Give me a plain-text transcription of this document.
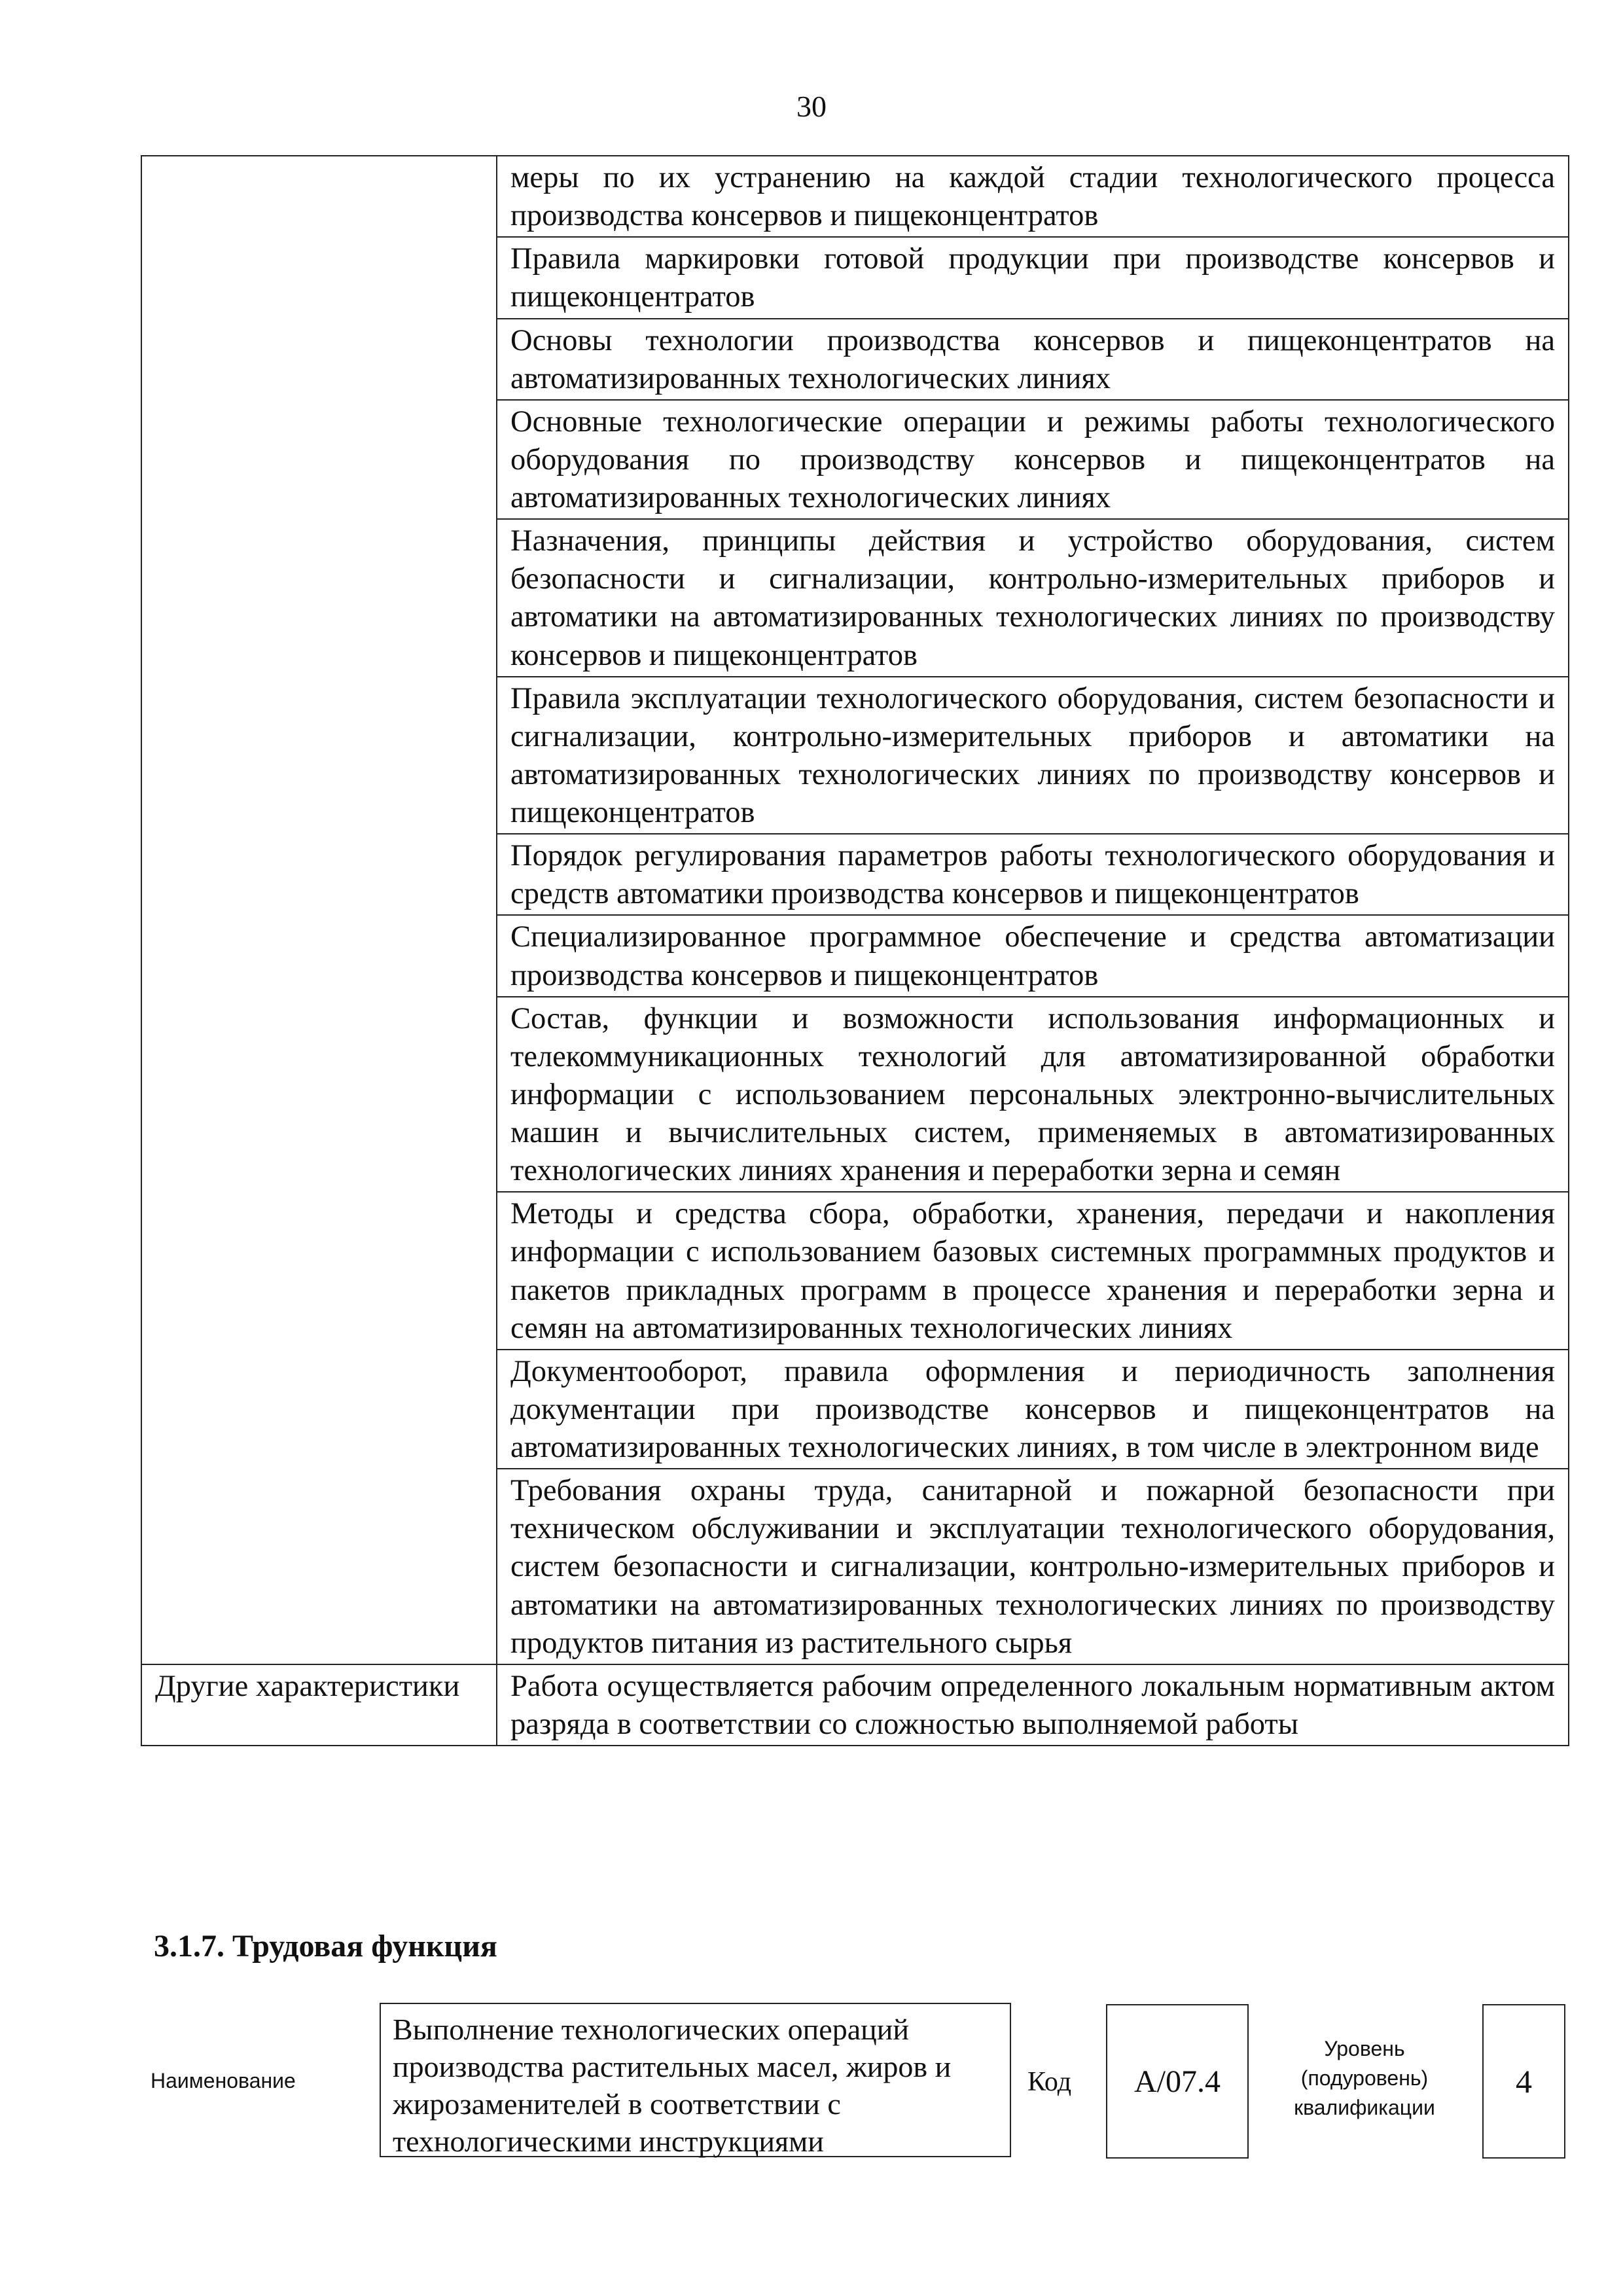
30
	меры по их устранению на каждой стадии технологического процесса производства консервов и пищеконцентратов
	Правила маркировки готовой продукции при производстве консервов и пищеконцентратов
	Основы технологии производства консервов и пищеконцентратов на автоматизированных технологических линиях
	Основные технологические операции и режимы работы технологического оборудования по производству консервов и пищеконцентратов на автоматизированных технологических линиях
	Назначения, принципы действия и устройство оборудования, систем безопасности и сигнализации, контрольно-измерительных приборов и автоматики на автоматизированных технологических линиях по производству консервов и пищеконцентратов
	Правила эксплуатации технологического оборудования, систем безопасности и сигнализации, контрольно-измерительных приборов и автоматики на автоматизированных технологических линиях по производству консервов и пищеконцентратов
	Порядок регулирования параметров работы технологического оборудования и средств автоматики производства консервов и пищеконцентратов
	Специализированное программное обеспечение и средства автоматизации производства консервов и пищеконцентратов
	Состав, функции и возможности использования информационных и телекоммуникационных технологий для автоматизированной обработки информации с использованием персональных электронно-вычислительных машин и вычислительных систем, применяемых в автоматизированных технологических линиях хранения и переработки зерна и семян
	Методы и средства сбора, обработки, хранения, передачи и накопления информации с использованием базовых системных программных продуктов и пакетов прикладных программ в процессе хранения и переработки зерна и семян на автоматизированных технологических линиях
	Документооборот, правила оформления и периодичность заполнения документации при производстве консервов и пищеконцентратов на автоматизированных технологических линиях, в том числе в электронном виде
	Требования охраны труда, санитарной и пожарной безопасности при техническом обслуживании и эксплуатации технологического оборудования, систем безопасности и сигнализации, контрольно-измерительных приборов и автоматики на автоматизированных технологических линиях по производству продуктов питания из растительного сырья
Другие характеристики	Работа осуществляется рабочим определенного локальным нормативным актом разряда в соответствии со сложностью выполняемой работы
3.1.7. Трудовая функция
Наименование
Выполнение технологических операций производства растительных масел, жиров и жирозаменителей в соответствии с технологическими инструкциями
Код А/07.4
Уровень
(подуровень)
квалификации
4
